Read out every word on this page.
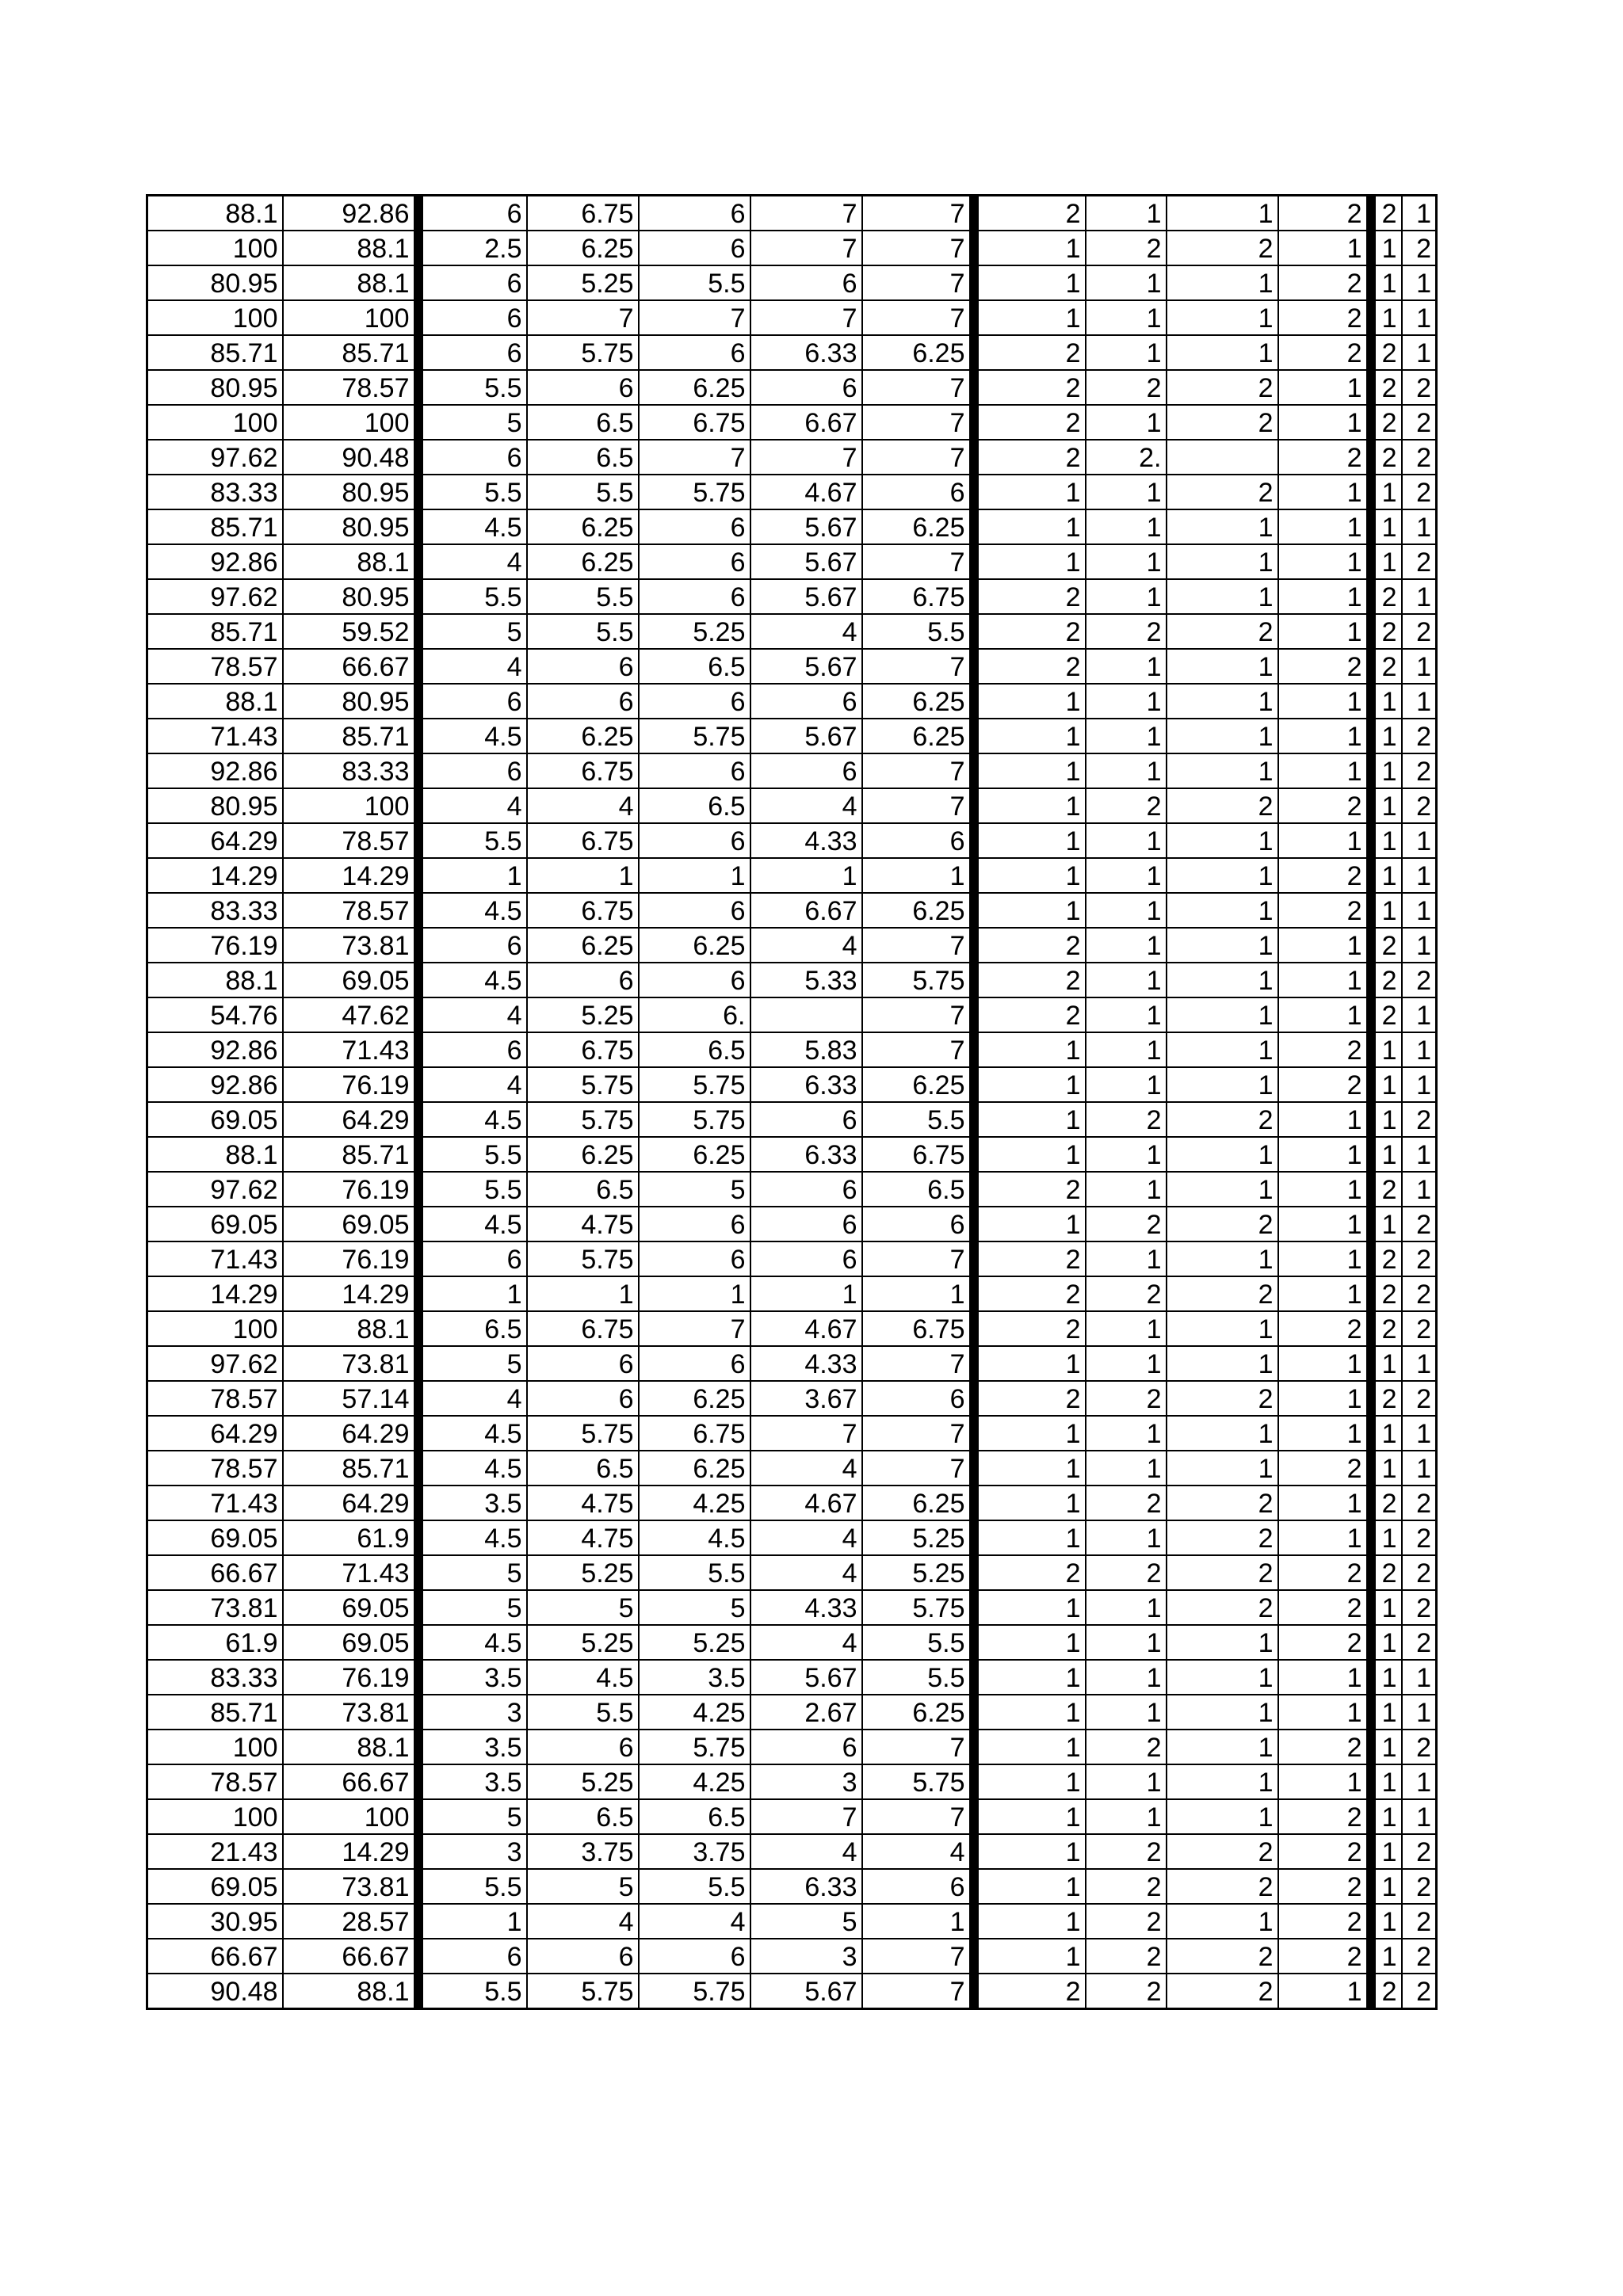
88.1	92.86	6	6.75	6	7	7	2	1	1	2	2	1
100	88.1	2.5	6.25	6	7	7	1	2	2	1	1	2
80.95	88.1	6	5.25	5.5	6	7	1	1	1	2	1	1
100	100	6	7	7	7	7	1	1	1	2	1	1
85.71	85.71	6	5.75	6	6.33	6.25	2	1	1	2	2	1
80.95	78.57	5.5	6	6.25	6	7	2	2	2	1	2	2
100	100	5	6.5	6.75	6.67	7	2	1	2	1	2	2
97.62	90.48	6	6.5	7	7	7	2	2.		2	2	2
83.33	80.95	5.5	5.5	5.75	4.67	6	1	1	2	1	1	2
85.71	80.95	4.5	6.25	6	5.67	6.25	1	1	1	1	1	1
92.86	88.1	4	6.25	6	5.67	7	1	1	1	1	1	2
97.62	80.95	5.5	5.5	6	5.67	6.75	2	1	1	1	2	1
85.71	59.52	5	5.5	5.25	4	5.5	2	2	2	1	2	2
78.57	66.67	4	6	6.5	5.67	7	2	1	1	2	2	1
88.1	80.95	6	6	6	6	6.25	1	1	1	1	1	1
71.43	85.71	4.5	6.25	5.75	5.67	6.25	1	1	1	1	1	2
92.86	83.33	6	6.75	6	6	7	1	1	1	1	1	2
80.95	100	4	4	6.5	4	7	1	2	2	2	1	2
64.29	78.57	5.5	6.75	6	4.33	6	1	1	1	1	1	1
14.29	14.29	1	1	1	1	1	1	1	1	2	1	1
83.33	78.57	4.5	6.75	6	6.67	6.25	1	1	1	2	1	1
76.19	73.81	6	6.25	6.25	4	7	2	1	1	1	2	1
88.1	69.05	4.5	6	6	5.33	5.75	2	1	1	1	2	2
54.76	47.62	4	5.25	6.		7	2	1	1	1	2	1
92.86	71.43	6	6.75	6.5	5.83	7	1	1	1	2	1	1
92.86	76.19	4	5.75	5.75	6.33	6.25	1	1	1	2	1	1
69.05	64.29	4.5	5.75	5.75	6	5.5	1	2	2	1	1	2
88.1	85.71	5.5	6.25	6.25	6.33	6.75	1	1	1	1	1	1
97.62	76.19	5.5	6.5	5	6	6.5	2	1	1	1	2	1
69.05	69.05	4.5	4.75	6	6	6	1	2	2	1	1	2
71.43	76.19	6	5.75	6	6	7	2	1	1	1	2	2
14.29	14.29	1	1	1	1	1	2	2	2	1	2	2
100	88.1	6.5	6.75	7	4.67	6.75	2	1	1	2	2	2
97.62	73.81	5	6	6	4.33	7	1	1	1	1	1	1
78.57	57.14	4	6	6.25	3.67	6	2	2	2	1	2	2
64.29	64.29	4.5	5.75	6.75	7	7	1	1	1	1	1	1
78.57	85.71	4.5	6.5	6.25	4	7	1	1	1	2	1	1
71.43	64.29	3.5	4.75	4.25	4.67	6.25	1	2	2	1	2	2
69.05	61.9	4.5	4.75	4.5	4	5.25	1	1	2	1	1	2
66.67	71.43	5	5.25	5.5	4	5.25	2	2	2	2	2	2
73.81	69.05	5	5	5	4.33	5.75	1	1	2	2	1	2
61.9	69.05	4.5	5.25	5.25	4	5.5	1	1	1	2	1	2
83.33	76.19	3.5	4.5	3.5	5.67	5.5	1	1	1	1	1	1
85.71	73.81	3	5.5	4.25	2.67	6.25	1	1	1	1	1	1
100	88.1	3.5	6	5.75	6	7	1	2	1	2	1	2
78.57	66.67	3.5	5.25	4.25	3	5.75	1	1	1	1	1	1
100	100	5	6.5	6.5	7	7	1	1	1	2	1	1
21.43	14.29	3	3.75	3.75	4	4	1	2	2	2	1	2
69.05	73.81	5.5	5	5.5	6.33	6	1	2	2	2	1	2
30.95	28.57	1	4	4	5	1	1	2	1	2	1	2
66.67	66.67	6	6	6	3	7	1	2	2	2	1	2
90.48	88.1	5.5	5.75	5.75	5.67	7	2	2	2	1	2	2
